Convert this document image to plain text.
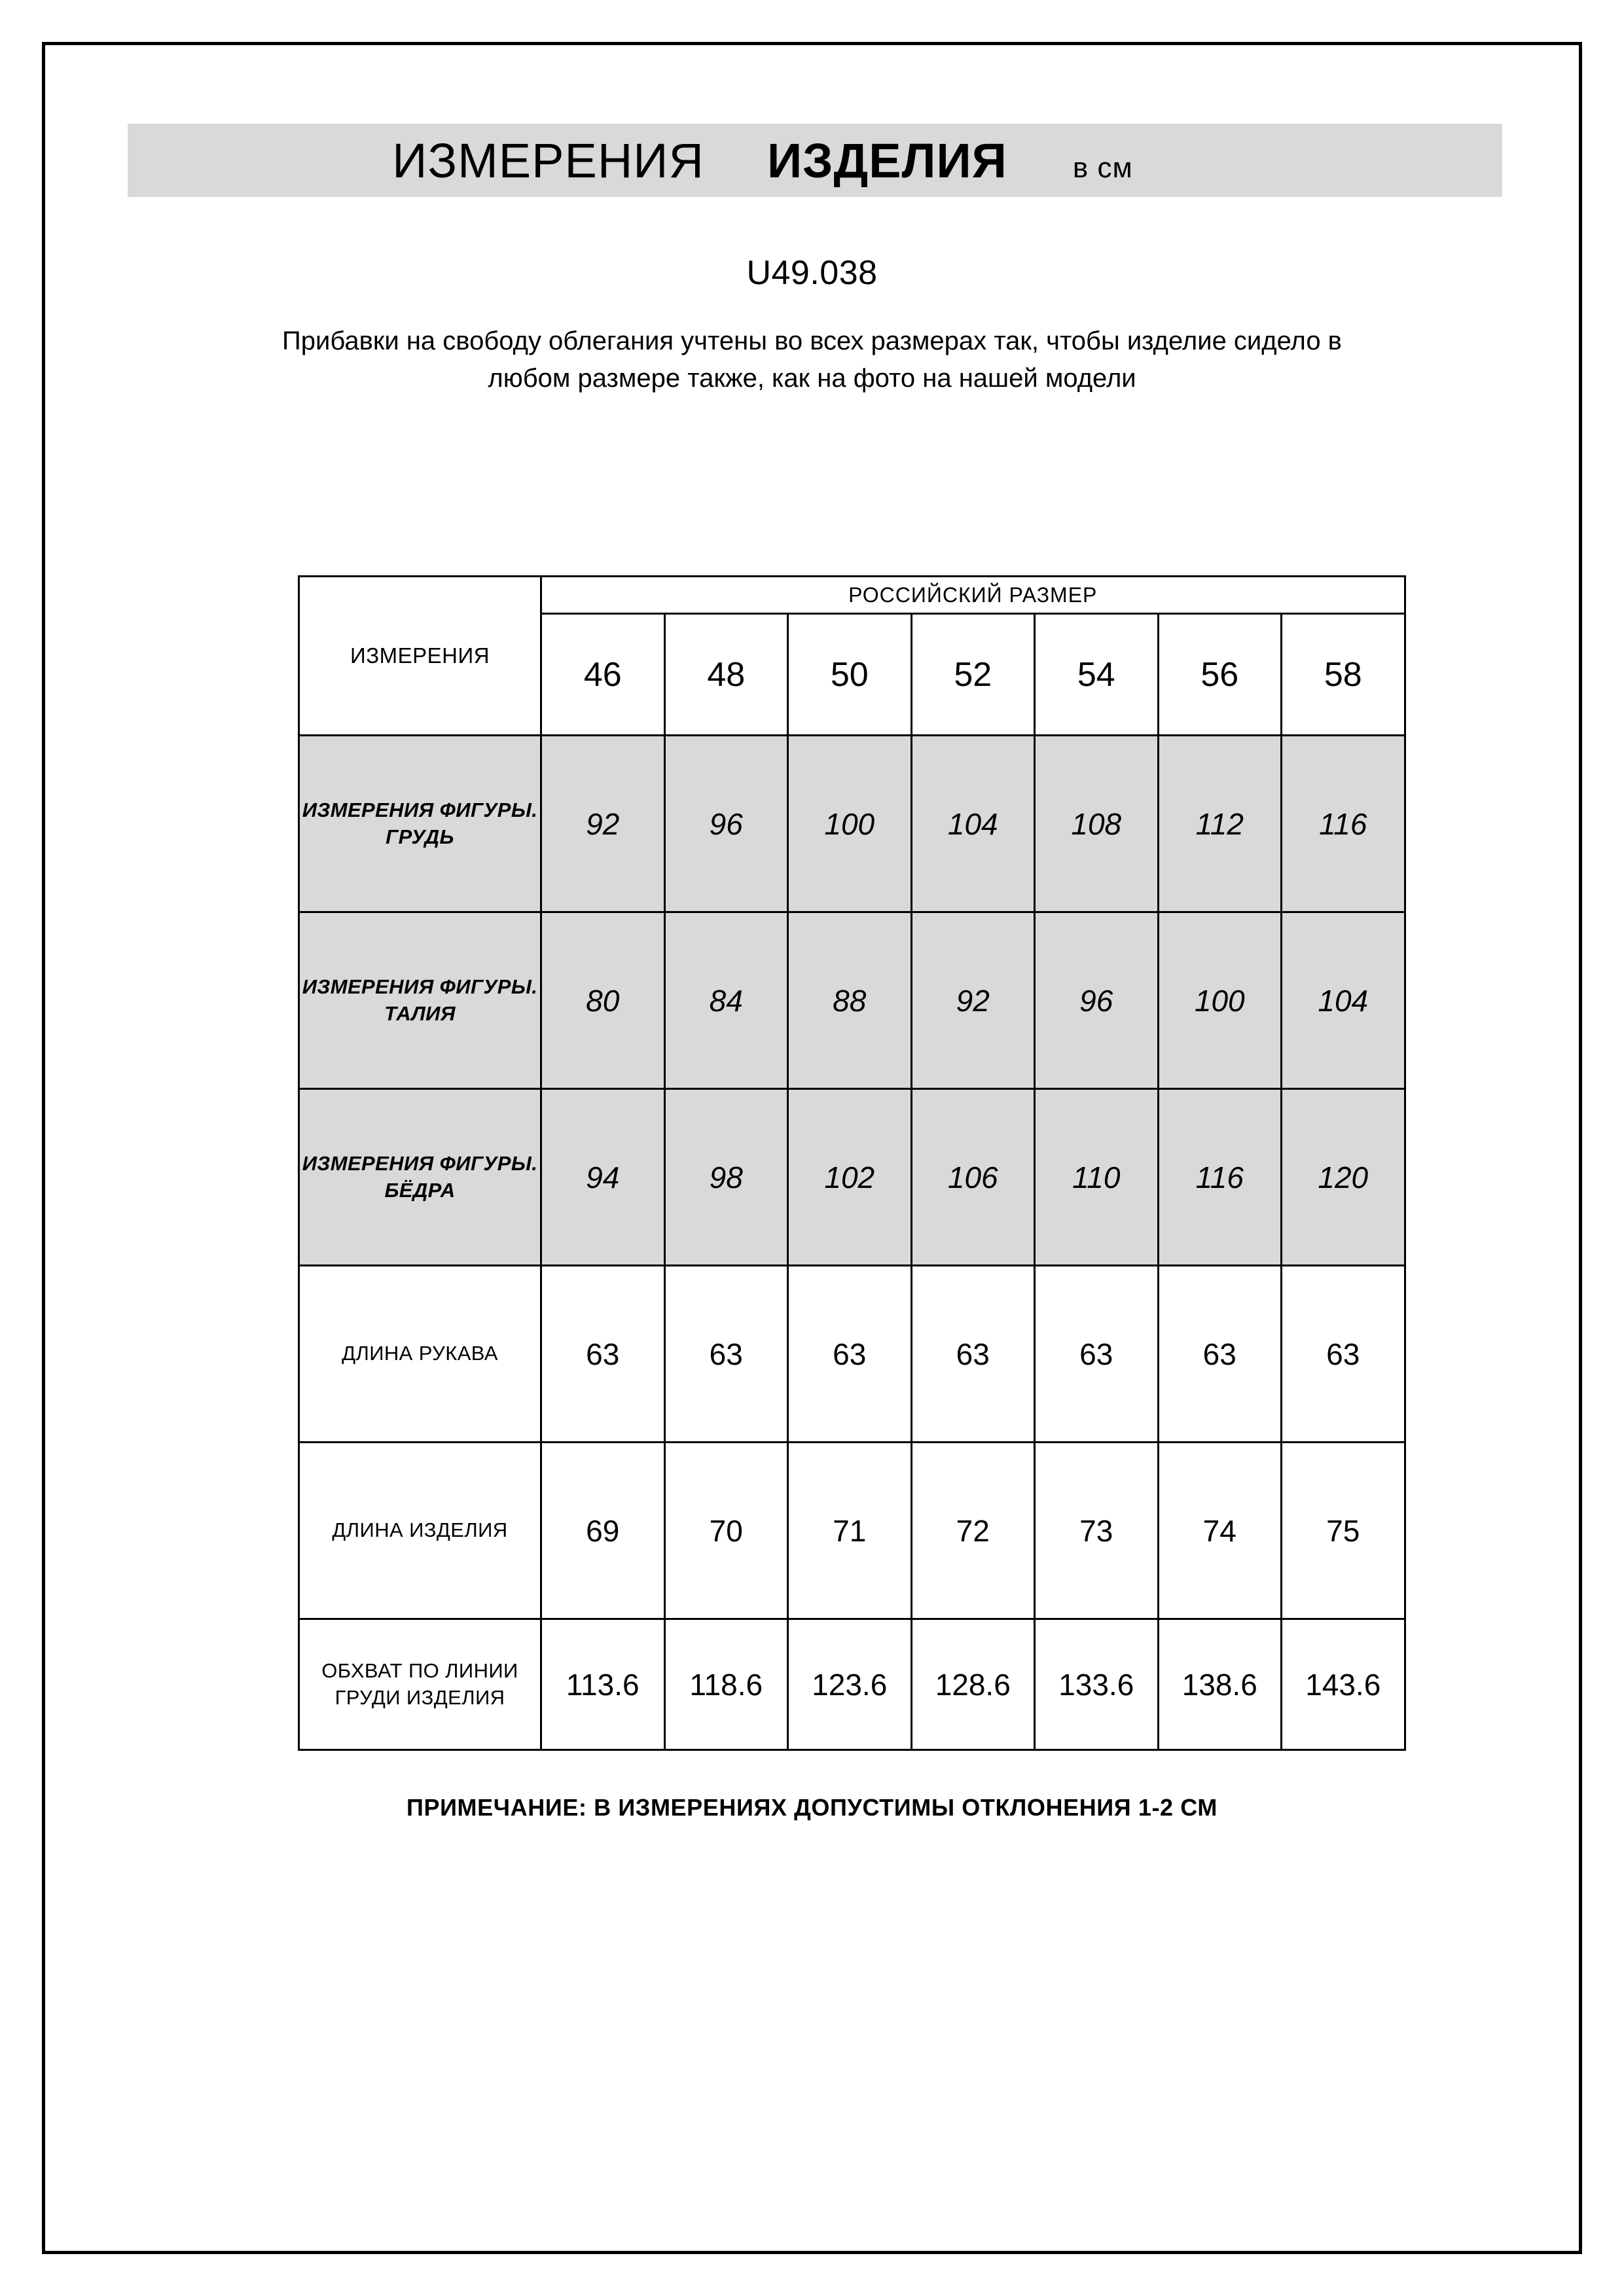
ИЗМЕРЕНИЯ ИЗДЕЛИЯ в см
U49.038
Прибавки на свободу облегания учтены во всех размерах так, чтобы изделие сидело в любом размере также, как на фото на нашей модели
ИЗМЕРЕНИЯ	РОССИЙСКИЙ РАЗМЕР						
	46	48	50	52	54	56	58
ИЗМЕРЕНИЯ ФИГУРЫ. ГРУДЬ	92	96	100	104	108	112	116
ИЗМЕРЕНИЯ ФИГУРЫ. ТАЛИЯ	80	84	88	92	96	100	104
ИЗМЕРЕНИЯ ФИГУРЫ. БЁДРА	94	98	102	106	110	116	120
ДЛИНА РУКАВА	63	63	63	63	63	63	63
ДЛИНА ИЗДЕЛИЯ	69	70	71	72	73	74	75
ОБХВАТ ПО ЛИНИИ ГРУДИ ИЗДЕЛИЯ	113.6	118.6	123.6	128.6	133.6	138.6	143.6
ПРИМЕЧАНИЕ: В ИЗМЕРЕНИЯХ ДОПУСТИМЫ ОТКЛОНЕНИЯ 1-2 СМ
